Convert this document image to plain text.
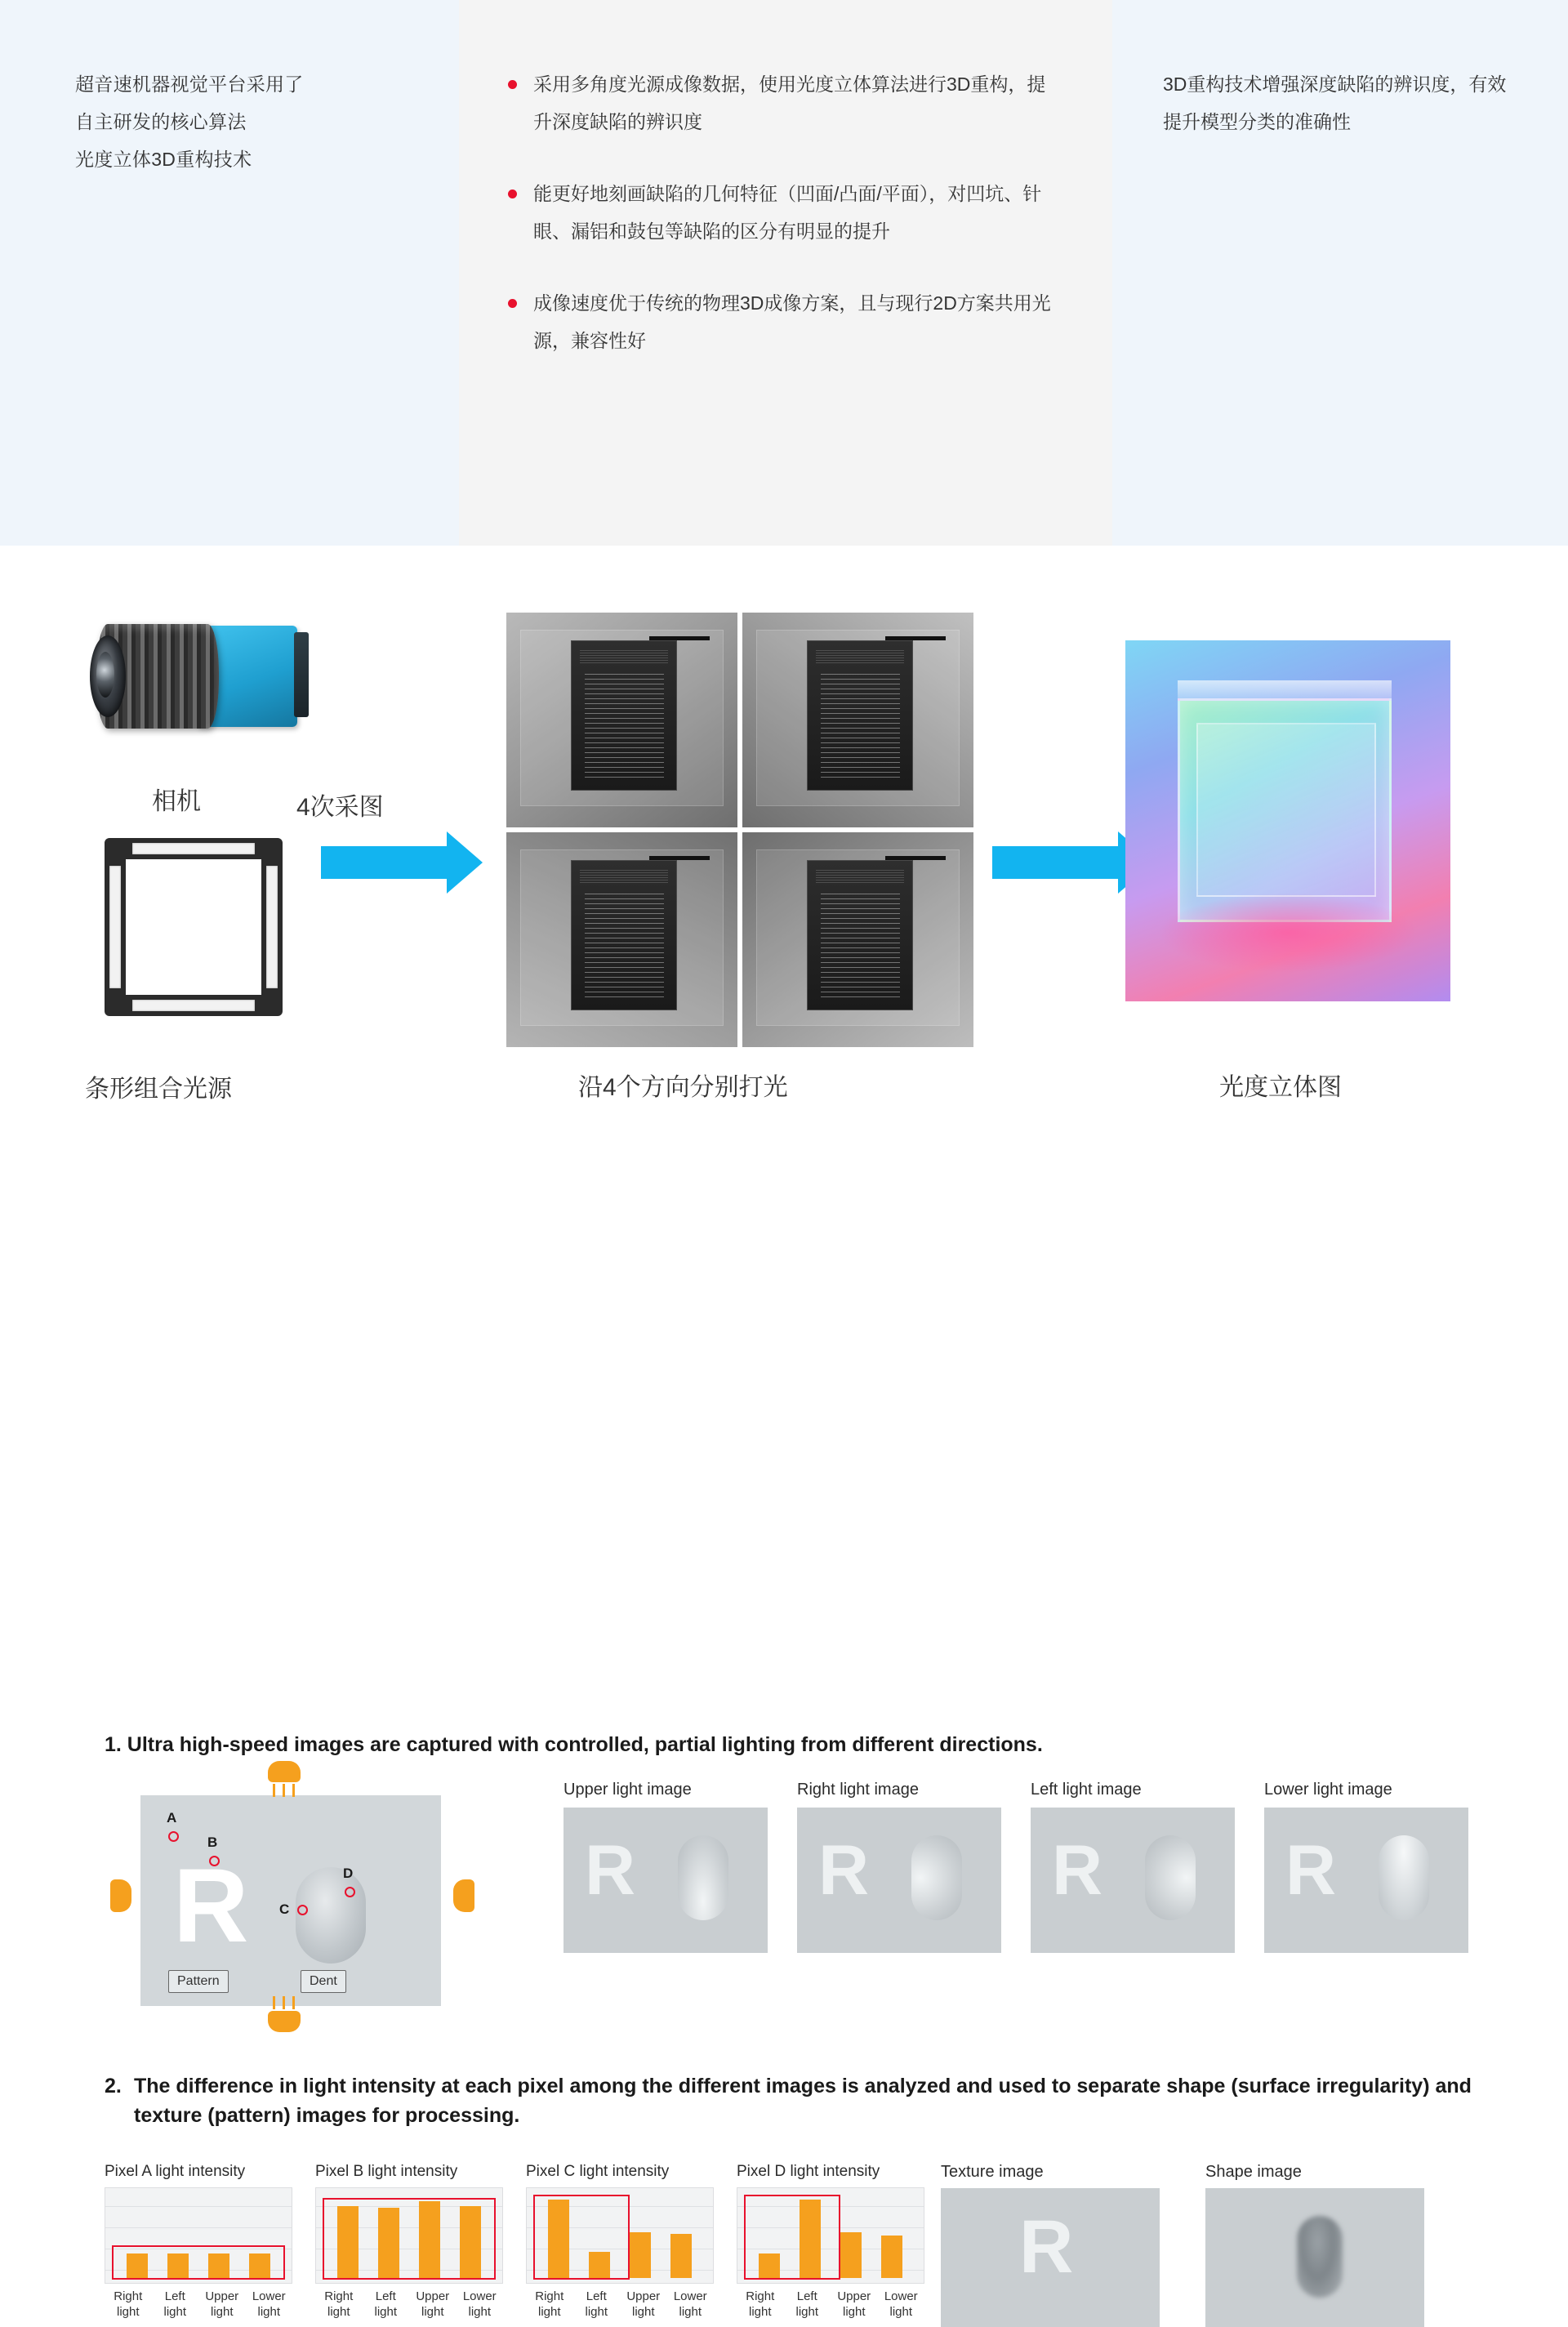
超音速机器视觉平台采用了
自主研发的核心算法
光度立体3D重构技术
采用多角度光源成像数据，使用光度立体算法进行3D重构，提升深度缺陷的辨识度
能更好地刻画缺陷的几何特征（凹面/凸面/平面），对凹坑、针眼、漏铝和鼓包等缺陷的区分有明显的提升
成像速度优于传统的物理3D成像方案，且与现行2D方案共用光源，兼容性好

3D重构技术增强深度缺陷的辨识度，有效提升模型分类的准确性

相机
条形组合光源
4次采图
沿4个方向分别打光	光度立体图
1. Ultra high-speed images are captured with controlled, partial lighting from different directions.
R
Pattern	Dent
A
B
C
D
Upper light image
R
Right light image
R
Left light image
R
Lower light image
R
2. The difference in light intensity at each pixel among the different images is analyzed and used to separate shape (surface irregularity) and texture (pattern) images for processing.
Pixel A light intensity
Right light
Left light
Upper light
Lower light
Pixel B light intensity
Right light
Left light
Upper light
Lower light
Pixel C light intensity
Right light
Left light
Upper light
Lower light
Pixel D light intensity
Right light
Left light
Upper light
Lower light
Texture image
R
Shape image
